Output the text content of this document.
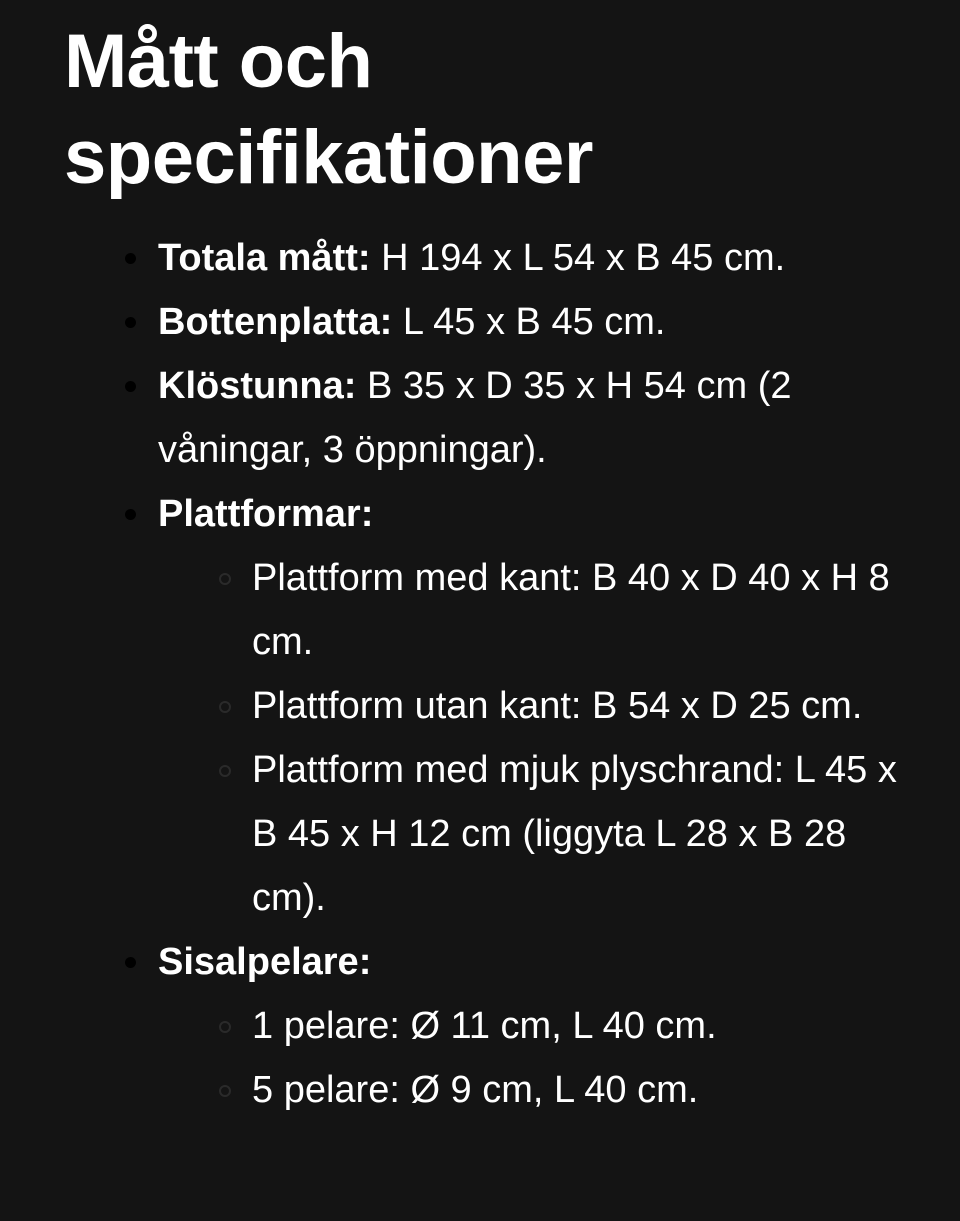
Mått och specifikationer
Totala mått: H 194 x L 54 x B 45 cm.
Bottenplatta: L 45 x B 45 cm.
Klöstunna: B 35 x D 35 x H 54 cm (2 våningar, 3 öppningar).
Plattformar:
Plattform med kant: B 40 x D 40 x H 8 cm.
Plattform utan kant: B 54 x D 25 cm.
Plattform med mjuk plyschrand: L 45 x B 45 x H 12 cm (liggyta L 28 x B 28 cm).
Sisalpelare:
1 pelare: Ø 11 cm, L 40 cm.
5 pelare: Ø 9 cm, L 40 cm.
